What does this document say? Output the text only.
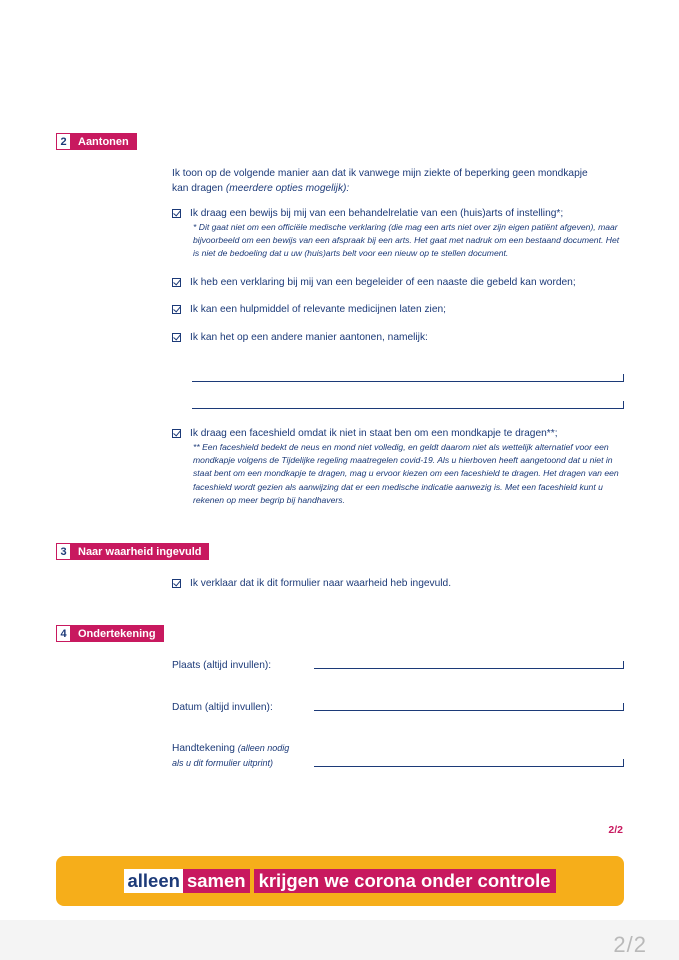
2	Aantonen
Ik toon op de volgende manier aan dat ik vanwege mijn ziekte of beperking geen mondkapje kan dragen (meerdere opties mogelijk):
Ik draag een bewijs bij mij van een behandelrelatie van een (huis)arts of instelling*;
* Dit gaat niet om een officiële medische verklaring (die mag een arts niet over zijn eigen patiënt afgeven), maar bijvoorbeeld om een bewijs van een afspraak bij een arts. Het gaat met nadruk om een bestaand document. Het is niet de bedoeling dat u uw (huis)arts belt voor een nieuw op te stellen document.
Ik heb een verklaring bij mij van een begeleider of een naaste die gebeld kan worden;
Ik kan een hulpmiddel of relevante medicijnen laten zien;
Ik kan het op een andere manier aantonen, namelijk:
Ik draag een faceshield omdat ik niet in staat ben om een mondkapje te dragen**;
** Een faceshield bedekt de neus en mond niet volledig, en geldt daarom niet als wettelijk alternatief voor een mondkapje volgens de Tijdelijke regeling maatregelen covid-19. Als u hierboven heeft aangetoond dat u niet in staat bent om een mondkapje te dragen, mag u ervoor kiezen om een faceshield te dragen. Het dragen van een faceshield wordt gezien als aanwijzing dat er een medische indicatie aanwezig is. Met een faceshield kunt u rekenen op meer begrip bij handhavers.
3	Naar waarheid ingevuld
Ik verklaar dat ik dit formulier naar waarheid heb ingevuld.
4	Ondertekening
Plaats (altijd invullen):
Datum (altijd invullen):
Handtekening (alleen nodig als u dit formulier uitprint)
2/2
alleen samen krijgen we corona onder controle
2/2
